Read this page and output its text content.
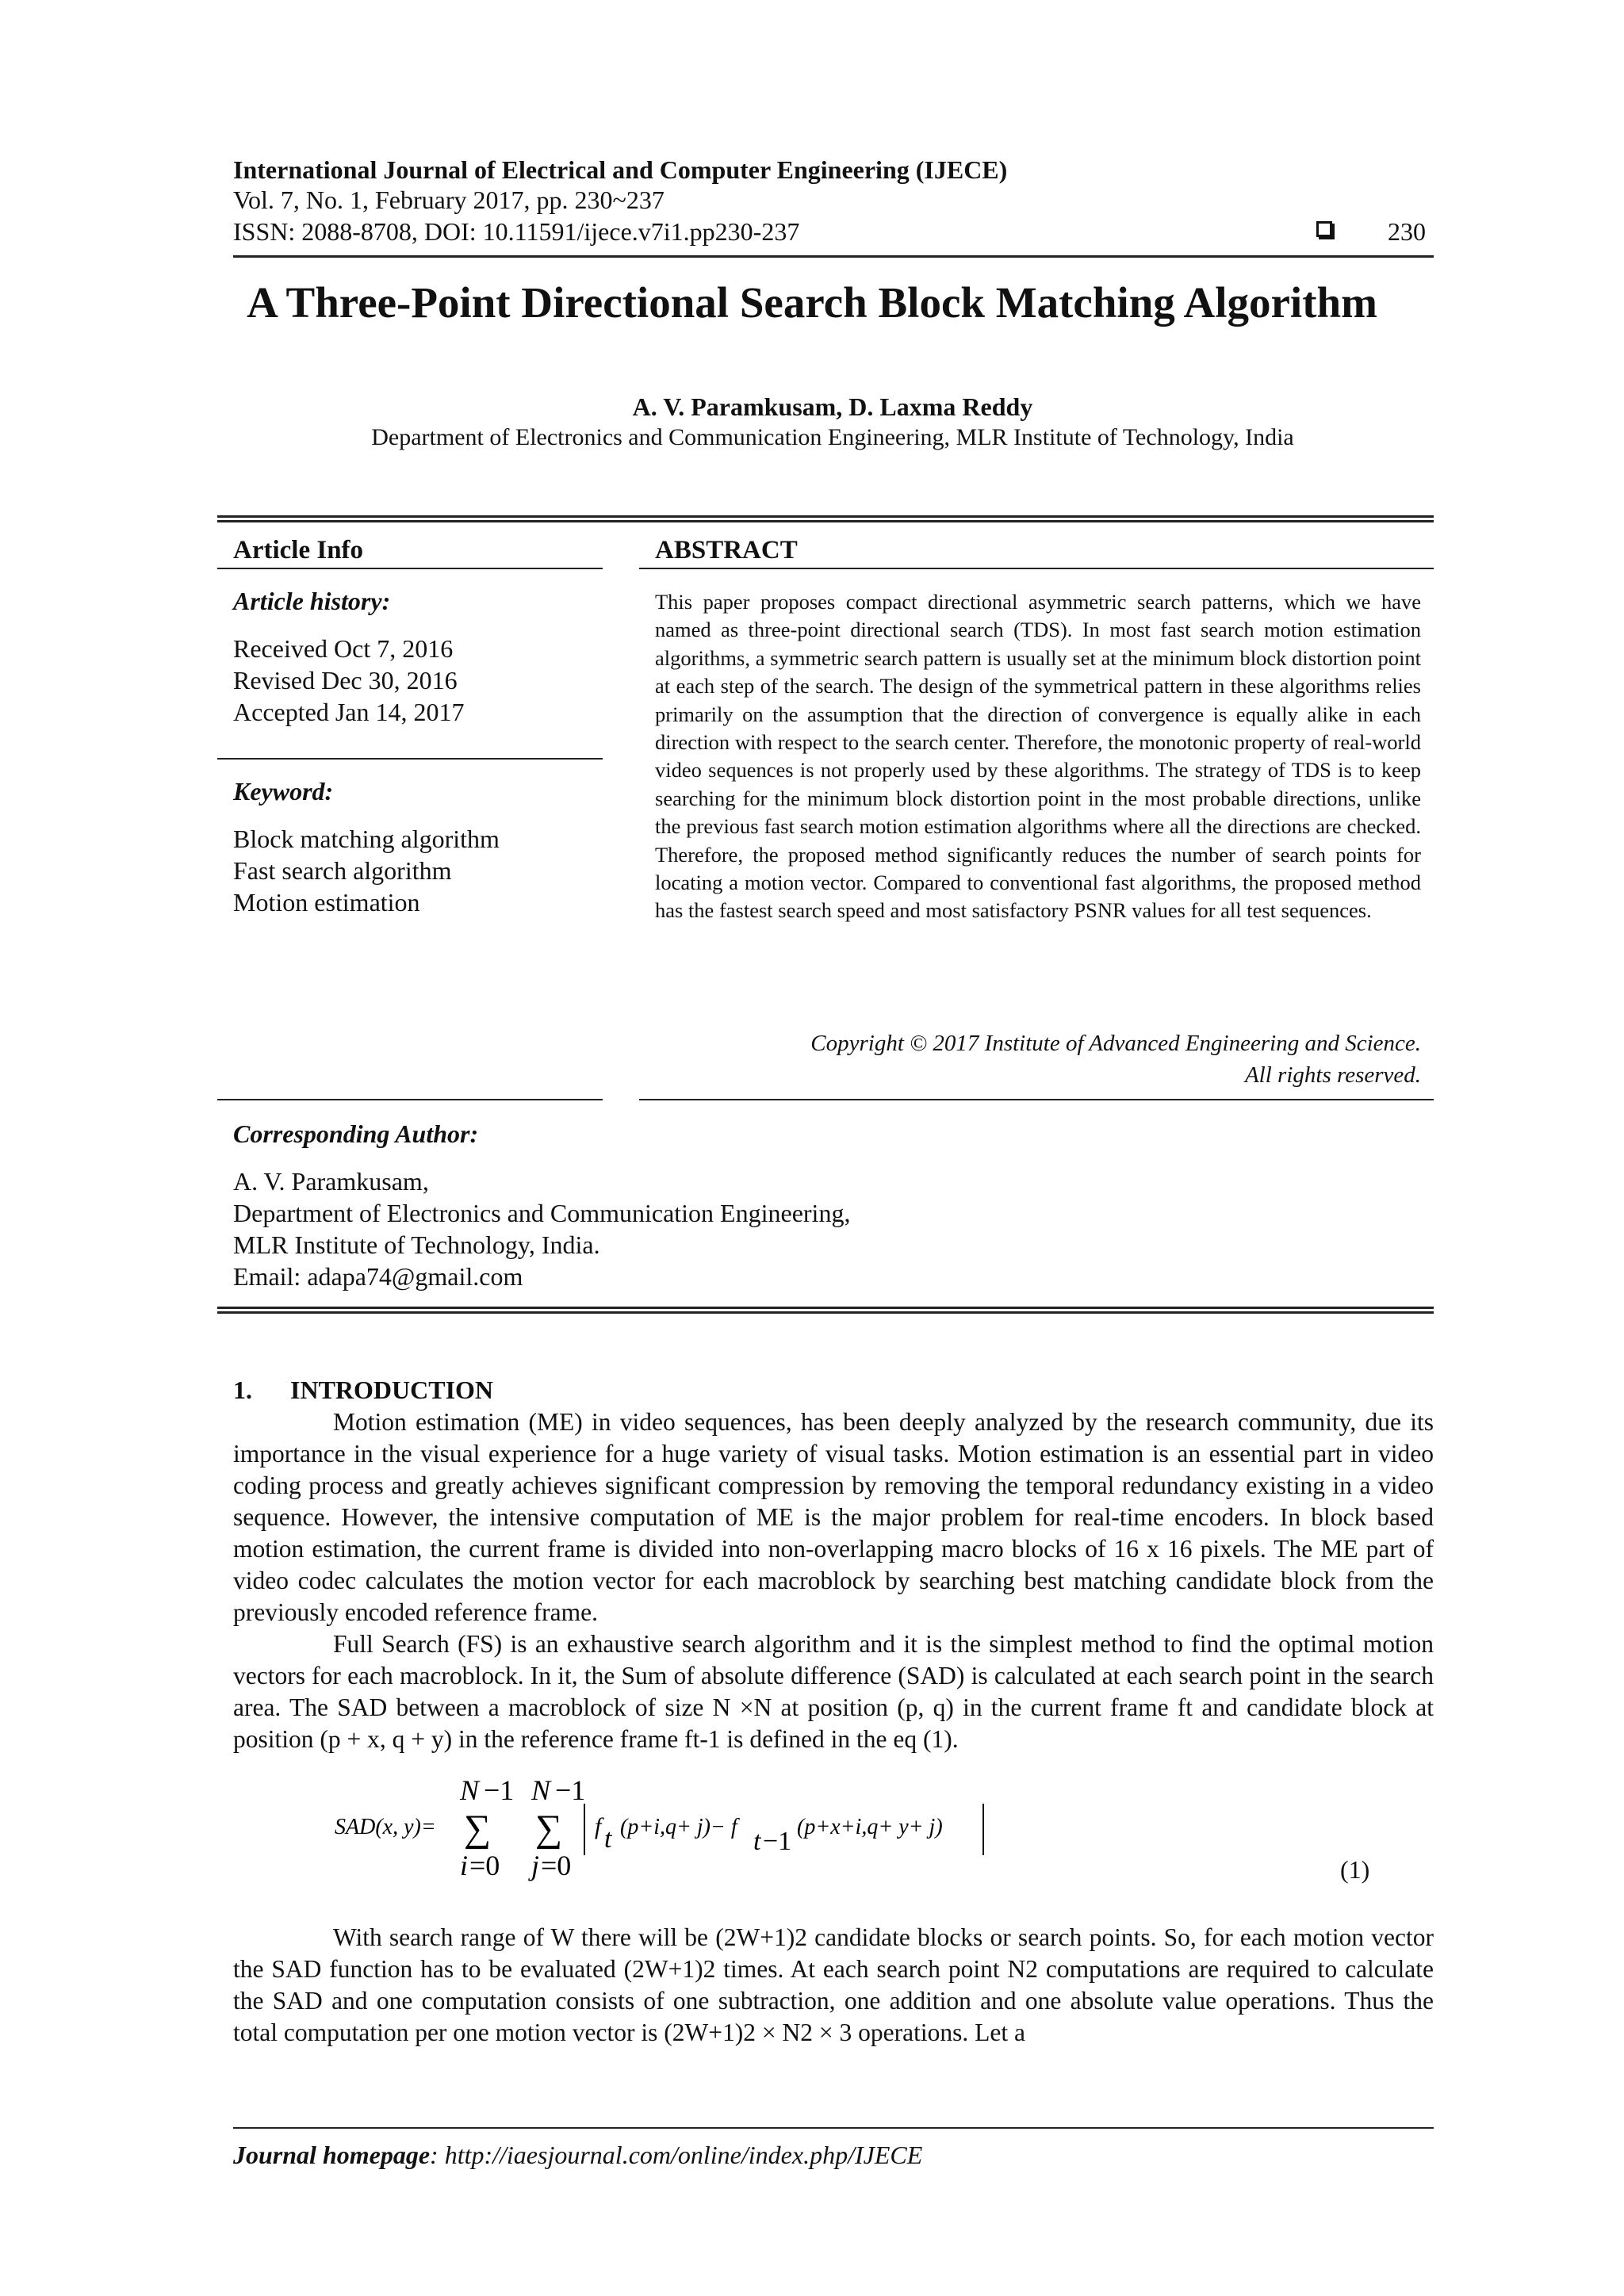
International Journal of Electrical and Computer Engineering (IJECE)
Vol. 7, No. 1, February 2017, pp. 230~237
ISSN: 2088-8708, DOI: 10.11591/ijece.v7i1.pp230-237	230
A Three-Point Directional Search Block Matching Algorithm
A. V. Paramkusam, D. Laxma Reddy
Department of Electronics and Communication Engineering, MLR Institute of Technology, India
Article Info
Article history:
Received Oct 7, 2016
Revised Dec 30, 2016
Accepted Jan 14, 2017
Keyword:
Block matching algorithm
Fast search algorithm
Motion estimation
ABSTRACT
This paper proposes compact directional asymmetric search patterns, which we have named as three-point directional search (TDS). In most fast search motion estimation algorithms, a symmetric search pattern is usually set at the minimum block distortion point at each step of the search. The design of the symmetrical pattern in these algorithms relies primarily on the assumption that the direction of convergence is equally alike in each direction with respect to the search center. Therefore, the monotonic property of real-world video sequences is not properly used by these algorithms. The strategy of TDS is to keep searching for the minimum block distortion point in the most probable directions, unlike the previous fast search motion estimation algorithms where all the directions are checked. Therefore, the proposed method significantly reduces the number of search points for locating a motion vector. Compared to conventional fast algorithms, the proposed method has the fastest search speed and most satisfactory PSNR values for all test sequences.
Copyright © 2017 Institute of Advanced Engineering and Science.
All rights reserved.
Corresponding Author:
A. V. Paramkusam,
Department of Electronics and Communication Engineering,
MLR Institute of Technology, India.
Email: adapa74@gmail.com
1.      INTRODUCTION

Motion estimation (ME) in video sequences, has been deeply analyzed by the research community, due its importance in the visual experience for a huge variety of visual tasks. Motion estimation is an essential part in video coding process and greatly achieves significant compression by removing the temporal redundancy existing in a video sequence. However, the intensive computation of ME is the major problem for real-time encoders. In block based motion estimation, the current frame is divided into non-overlapping macro blocks of 16 x 16 pixels. The ME part of video codec calculates the motion vector for each macroblock by searching best matching candidate block from the previously encoded reference frame.

Full Search (FS) is an exhaustive search algorithm and it is the simplest method to find the optimal motion vectors for each macroblock. In it, the Sum of absolute difference (SAD) is calculated at each search point in the search area. The SAD between a macroblock of size N ×N at position (p, q) in the current frame ft and candidate block at position (p + x, q + y) in the reference frame ft-1 is defined in the eq (1).

SAD(x, y)=
N −1
∑
i =0
N −1
∑
j =0
f t (p+i,q+ j)− f t −1 (p+x+i,q+ y+ j)
(1)

With search range of W there will be (2W+1)2 candidate blocks or search points. So, for each motion vector the SAD function has to be evaluated (2W+1)2 times. At each search point N2 computations are required to calculate the SAD and one computation consists of one subtraction, one addition and one absolute value operations. Thus the total computation per one motion vector is (2W+1)2 × N2 × 3 operations. Let a

Journal homepage: http://iaesjournal.com/online/index.php/IJECE
